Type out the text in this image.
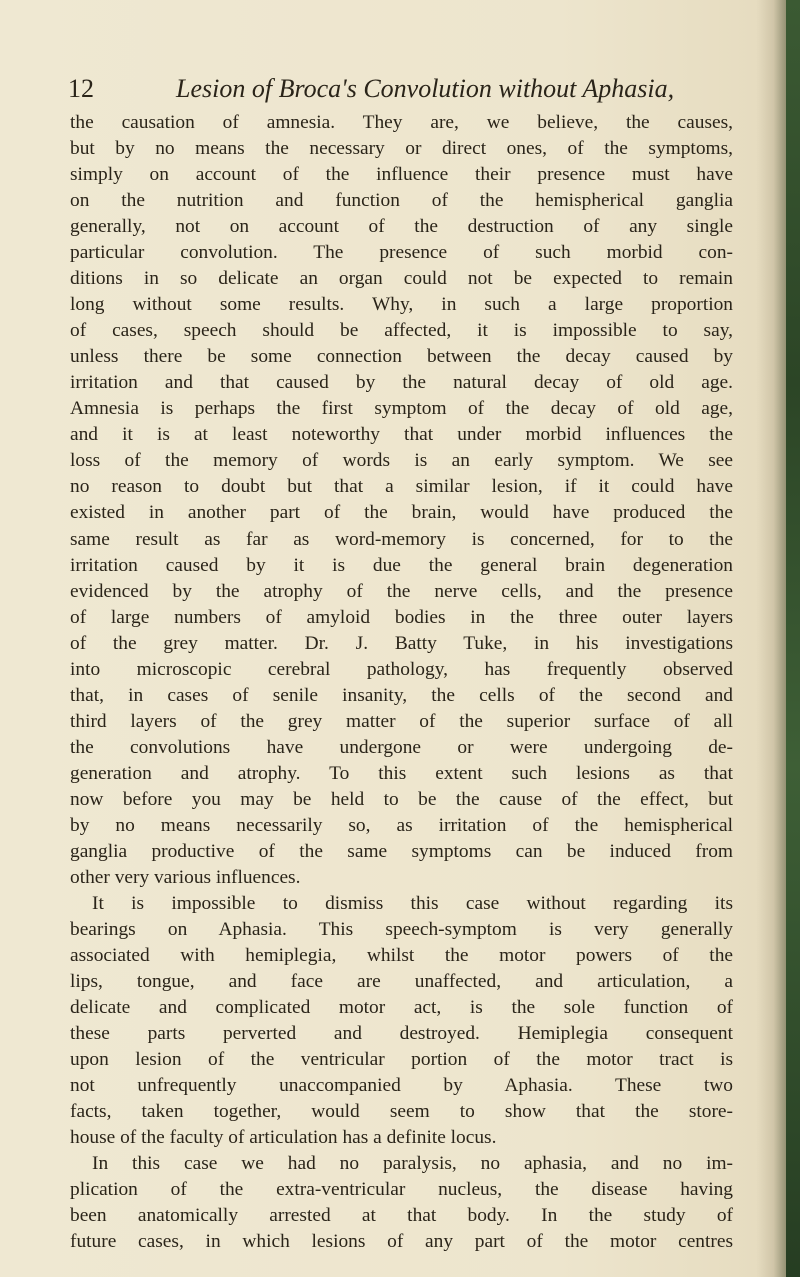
12	Lesion of Broca's Convolution without Aphasia,
the causation of amnesia. They are, we believe, the causes,
but by no means the necessary or direct ones, of the symptoms,
simply on account of the influence their presence must have
on the nutrition and function of the hemispherical ganglia
generally, not on account of the destruction of any single
particular convolution. The presence of such morbid con-
ditions in so delicate an organ could not be expected to remain
long without some results. Why, in such a large proportion
of cases, speech should be affected, it is impossible to say,
unless there be some connection between the decay caused by
irritation and that caused by the natural decay of old age.
Amnesia is perhaps the first symptom of the decay of old age,
and it is at least noteworthy that under morbid influences the
loss of the memory of words is an early symptom. We see
no reason to doubt but that a similar lesion, if it could have
existed in another part of the brain, would have produced the
same result as far as word-memory is concerned, for to the
irritation caused by it is due the general brain degeneration
evidenced by the atrophy of the nerve cells, and the presence
of large numbers of amyloid bodies in the three outer layers
of the grey matter. Dr. J. Batty Tuke, in his investigations
into microscopic cerebral pathology, has frequently observed
that, in cases of senile insanity, the cells of the second and
third layers of the grey matter of the superior surface of all
the convolutions have undergone or were undergoing de-
generation and atrophy. To this extent such lesions as that
now before you may be held to be the cause of the effect, but
by no means necessarily so, as irritation of the hemispherical
ganglia productive of the same symptoms can be induced from
other very various influences.
It is impossible to dismiss this case without regarding its
bearings on Aphasia. This speech-symptom is very generally
associated with hemiplegia, whilst the motor powers of the
lips, tongue, and face are unaffected, and articulation, a
delicate and complicated motor act, is the sole function of
these parts perverted and destroyed. Hemiplegia consequent
upon lesion of the ventricular portion of the motor tract is
not unfrequently unaccompanied by Aphasia. These two
facts, taken together, would seem to show that the store-
house of the faculty of articulation has a definite locus.
In this case we had no paralysis, no aphasia, and no im-
plication of the extra-ventricular nucleus, the disease having
been anatomically arrested at that body. In the study of
future cases, in which lesions of any part of the motor centres
